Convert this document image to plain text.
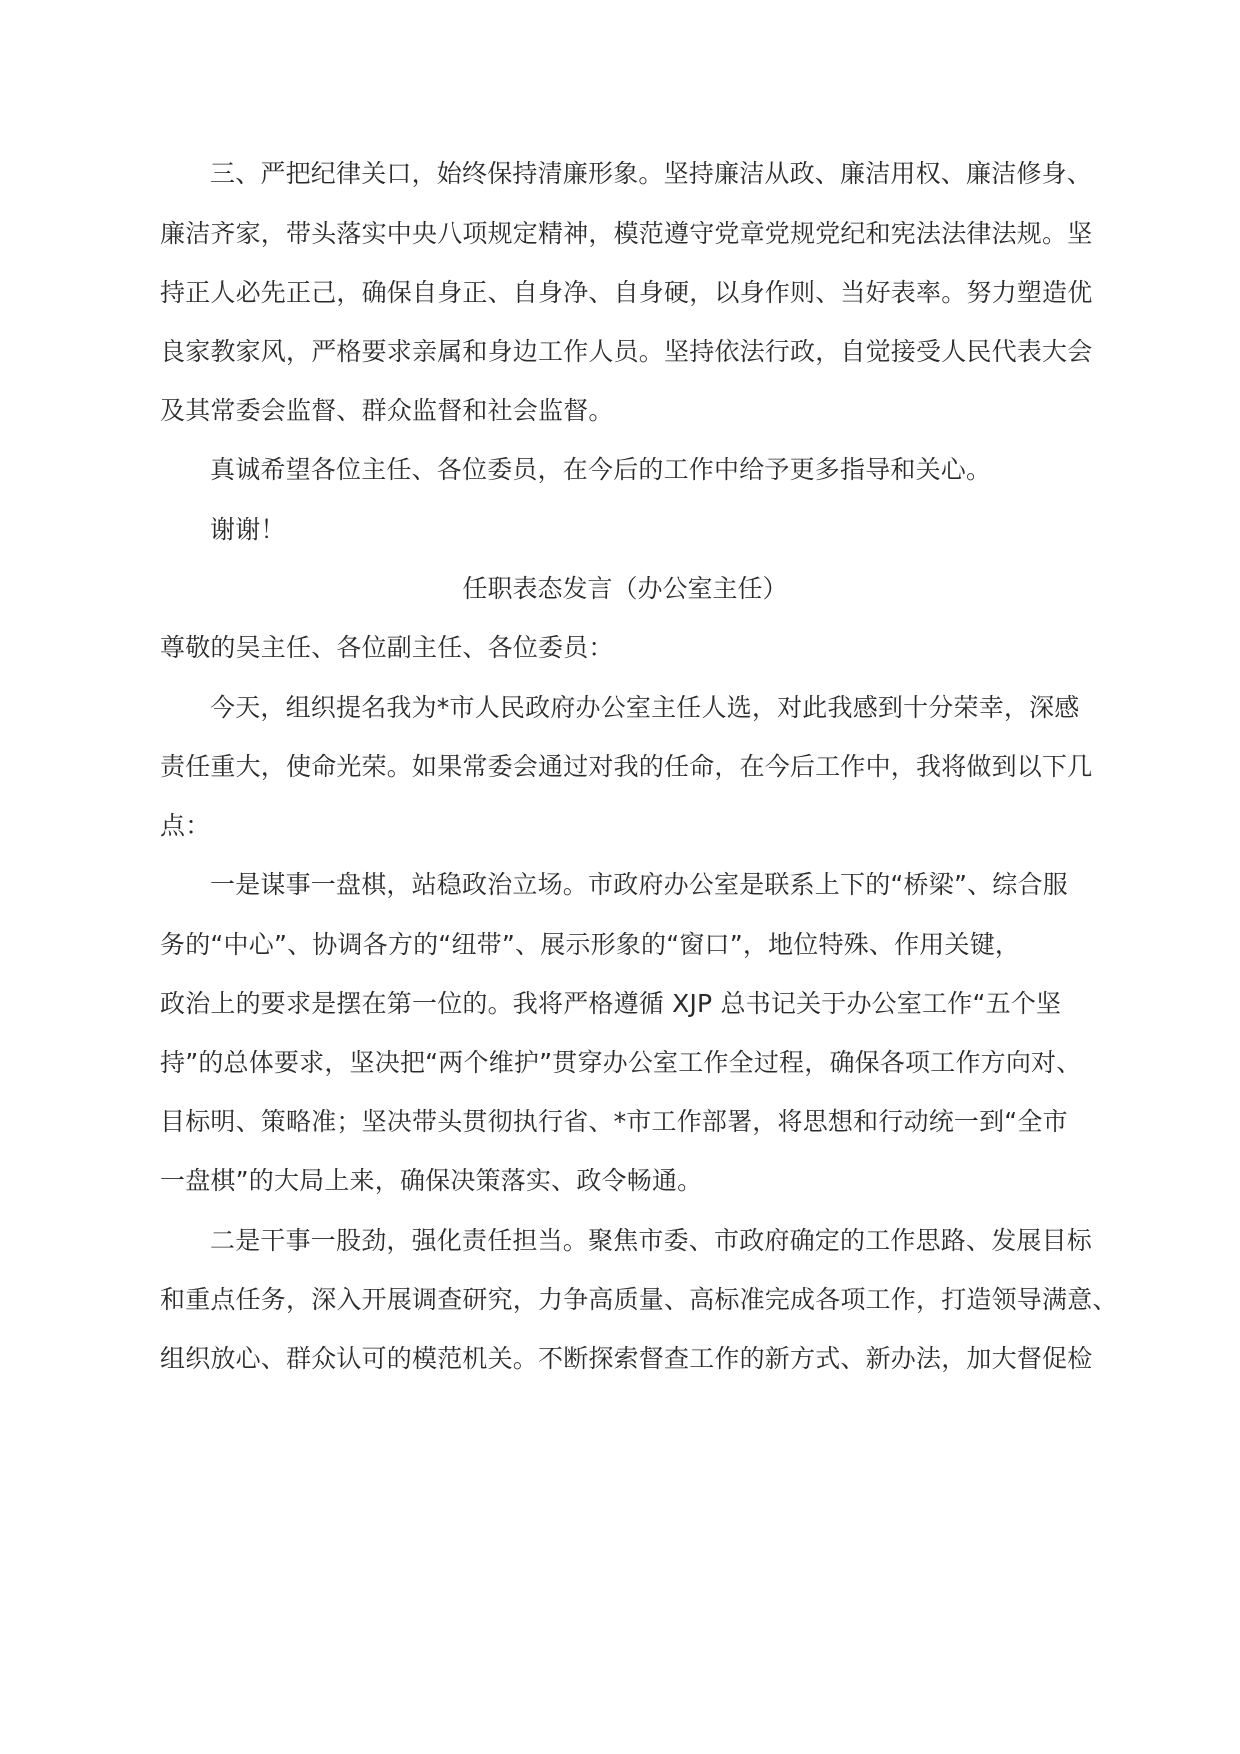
三、严把纪律关口，始终保持清廉形象。坚持廉洁从政、廉洁用权、廉洁修身、
廉洁齐家，带头落实中央八项规定精神，模范遵守党章党规党纪和宪法法律法规。坚
持正人必先正己，确保自身正、自身净、自身硬，以身作则、当好表率。努力塑造优
良家教家风，严格要求亲属和身边工作人员。坚持依法行政，自觉接受人民代表大会
及其常委会监督、群众监督和社会监督。
真诚希望各位主任、各位委员，在今后的工作中给予更多指导和关心。
谢谢！
任职表态发言（办公室主任）
尊敬的吴主任、各位副主任、各位委员：
今天，组织提名我为*市人民政府办公室主任人选，对此我感到十分荣幸，深感
责任重大，使命光荣。如果常委会通过对我的任命，在今后工作中，我将做到以下几
点：
一是谋事一盘棋，站稳政治立场。市政府办公室是联系上下的“桥梁”、综合服
务的“中心”、协调各方的“纽带”、展示形象的“窗口”，地位特殊、作用关键，
政治上的要求是摆在第一位的。我将严格遵循 XJP 总书记关于办公室工作“五个坚
持”的总体要求，坚决把“两个维护”贯穿办公室工作全过程，确保各项工作方向对、
目标明、策略准；坚决带头贯彻执行省、*市工作部署，将思想和行动统一到“全市
一盘棋”的大局上来，确保决策落实、政令畅通。
二是干事一股劲，强化责任担当。聚焦市委、市政府确定的工作思路、发展目标
和重点任务，深入开展调查研究，力争高质量、高标准完成各项工作，打造领导满意、
组织放心、群众认可的模范机关。不断探索督查工作的新方式、新办法，加大督促检
